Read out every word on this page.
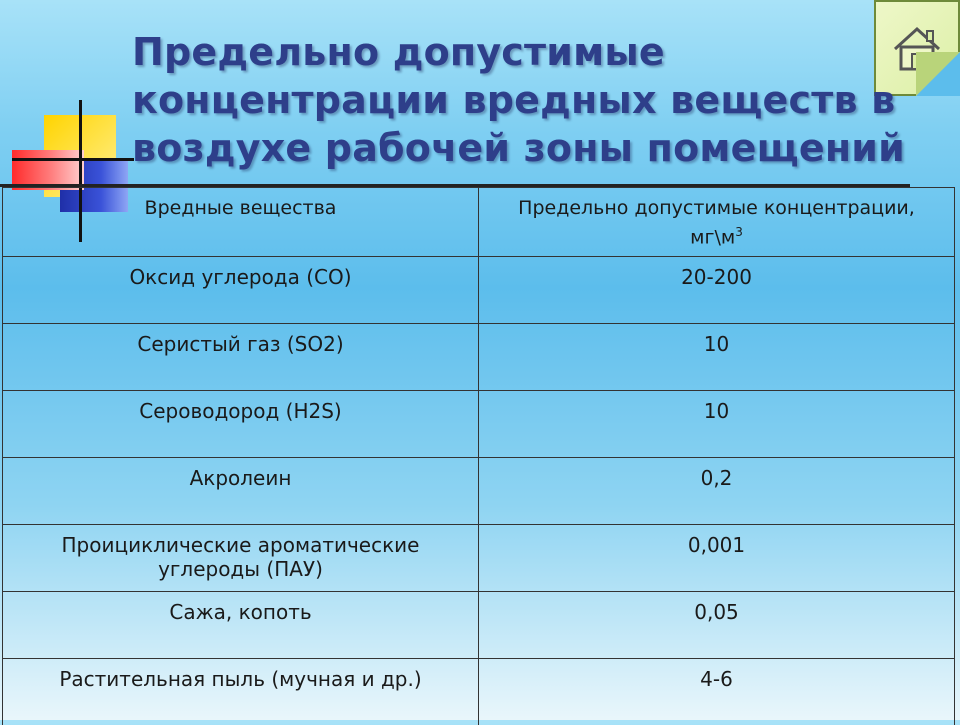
Предельно допустимые
концентрации вредных веществ в
воздухе рабочей зоны помещений
Вредные вещества	Предельно допустимые концентрации,
$мг\backslash м^3$
Оксид углерода (СО)	20-200
Сeристый газ (SO2)	10
Сероводород (H2S)	10
Акролеин	0,2
Проициклические ароматические углероды (ПАУ)	0,001
Сажа, копоть	0,05
Растительная пыль (мучная и др.)	4-6
